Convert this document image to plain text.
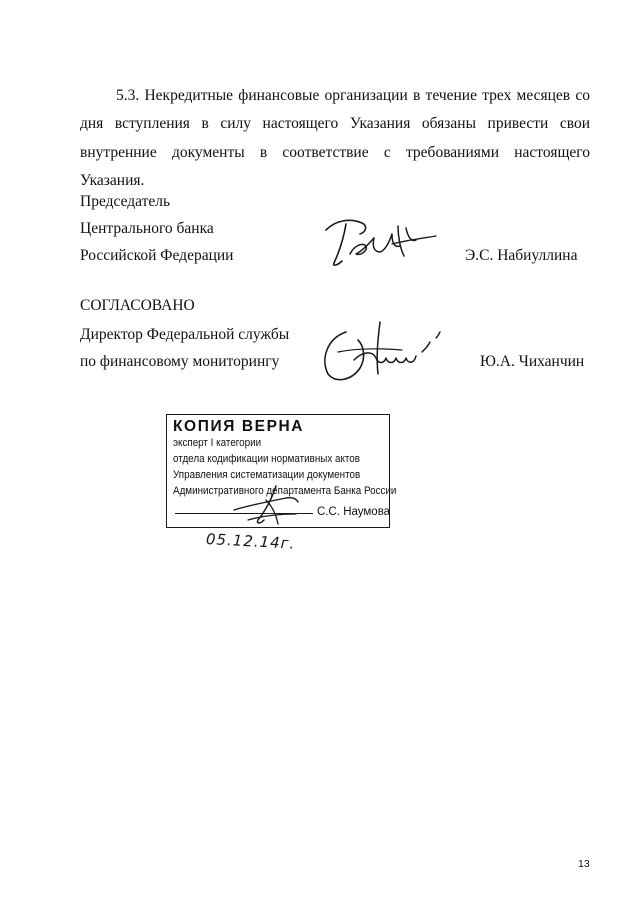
5.3. Некредитные финансовые организации в течение трех месяцев со дня вступления в силу настоящего Указания обязаны привести свои внутренние документы в соответствие с требованиями настоящего Указания.

Председатель
Центрального банка
Российской Федерации	Э.С. Набиуллина
СОГЛАСОВАНО
Директор Федеральной службы
по финансовому мониторингу	Ю.А. Чиханчин
КОПИЯ ВЕРНА
эксперт I категории
отдела кодификации нормативных актов
Управления систематизации документов
Административного департамента Банка России
С.С. Наумова
05.12.14г.
13
